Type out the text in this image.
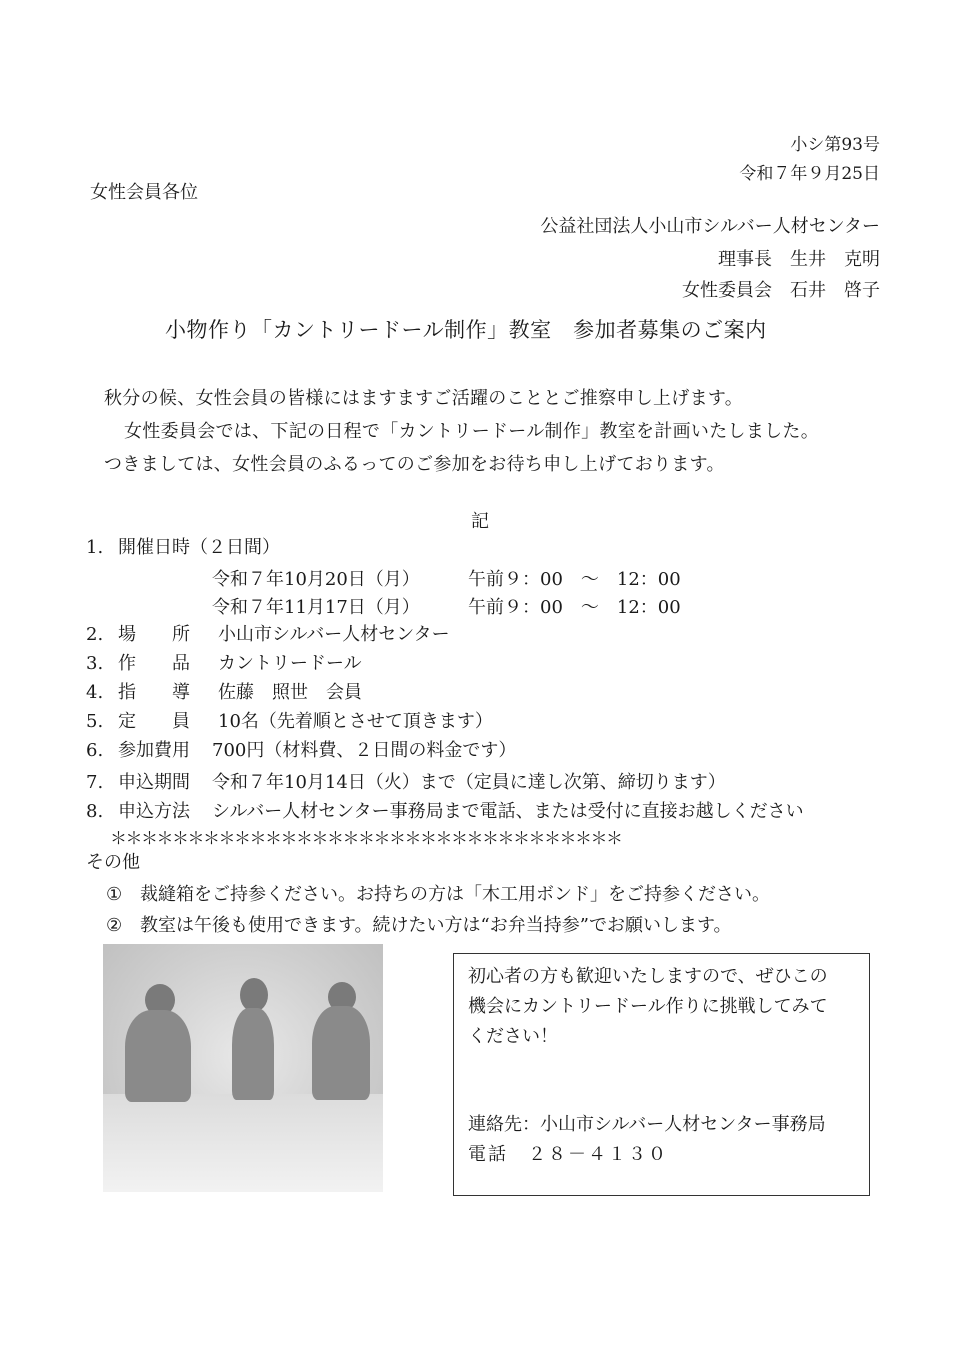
小シ第93号
令和７年９月25日
女性会員各位
公益社団法人小山市シルバー人材センター
理事長　生井　克明
女性委員会　石井　啓子
小物作り「カントリードール制作」教室　参加者募集のご案内
秋分の候、女性会員の皆様にはますますご活躍のこととご推察申し上げます。
女性委員会では、下記の日程で「カントリードール制作」教室を計画いたしました。
つきましては、女性会員のふるってのご参加をお待ち申し上げております。
記
1. 開催日時（２日間）
令和７年10月20日（月）	午前９：00　～　12：00
令和７年11月17日（月）	午前９：00　～　12：00
2. 場 所 小山市シルバー人材センター
3. 作 品 カントリードール
4. 指 導 佐藤　照世　会員
5. 定 員 10名（先着順とさせて頂きます）
6. 参加費用 700円（材料費、２日間の料金です）
7. 申込期間 令和７年10月14日（火）まで（定員に達し次第、締切ります）
8. 申込方法 シルバー人材センター事務局まで電話、または受付に直接お越しください
＊＊＊＊＊＊＊＊＊＊＊＊＊＊＊＊＊＊＊＊＊＊＊＊＊＊＊＊＊＊＊＊＊
その他
① 裁縫箱をご持参ください。お持ちの方は「木工用ボンド」をご持参ください。
② 教室は午後も使用できます。続けたい方は“お弁当持参”でお願いします。
初心者の方も歓迎いたしますので、ぜひこの
機会にカントリードール作りに挑戦してみて
ください！
連絡先：小山市シルバー人材センター事務局
電話　２８－４１３０
